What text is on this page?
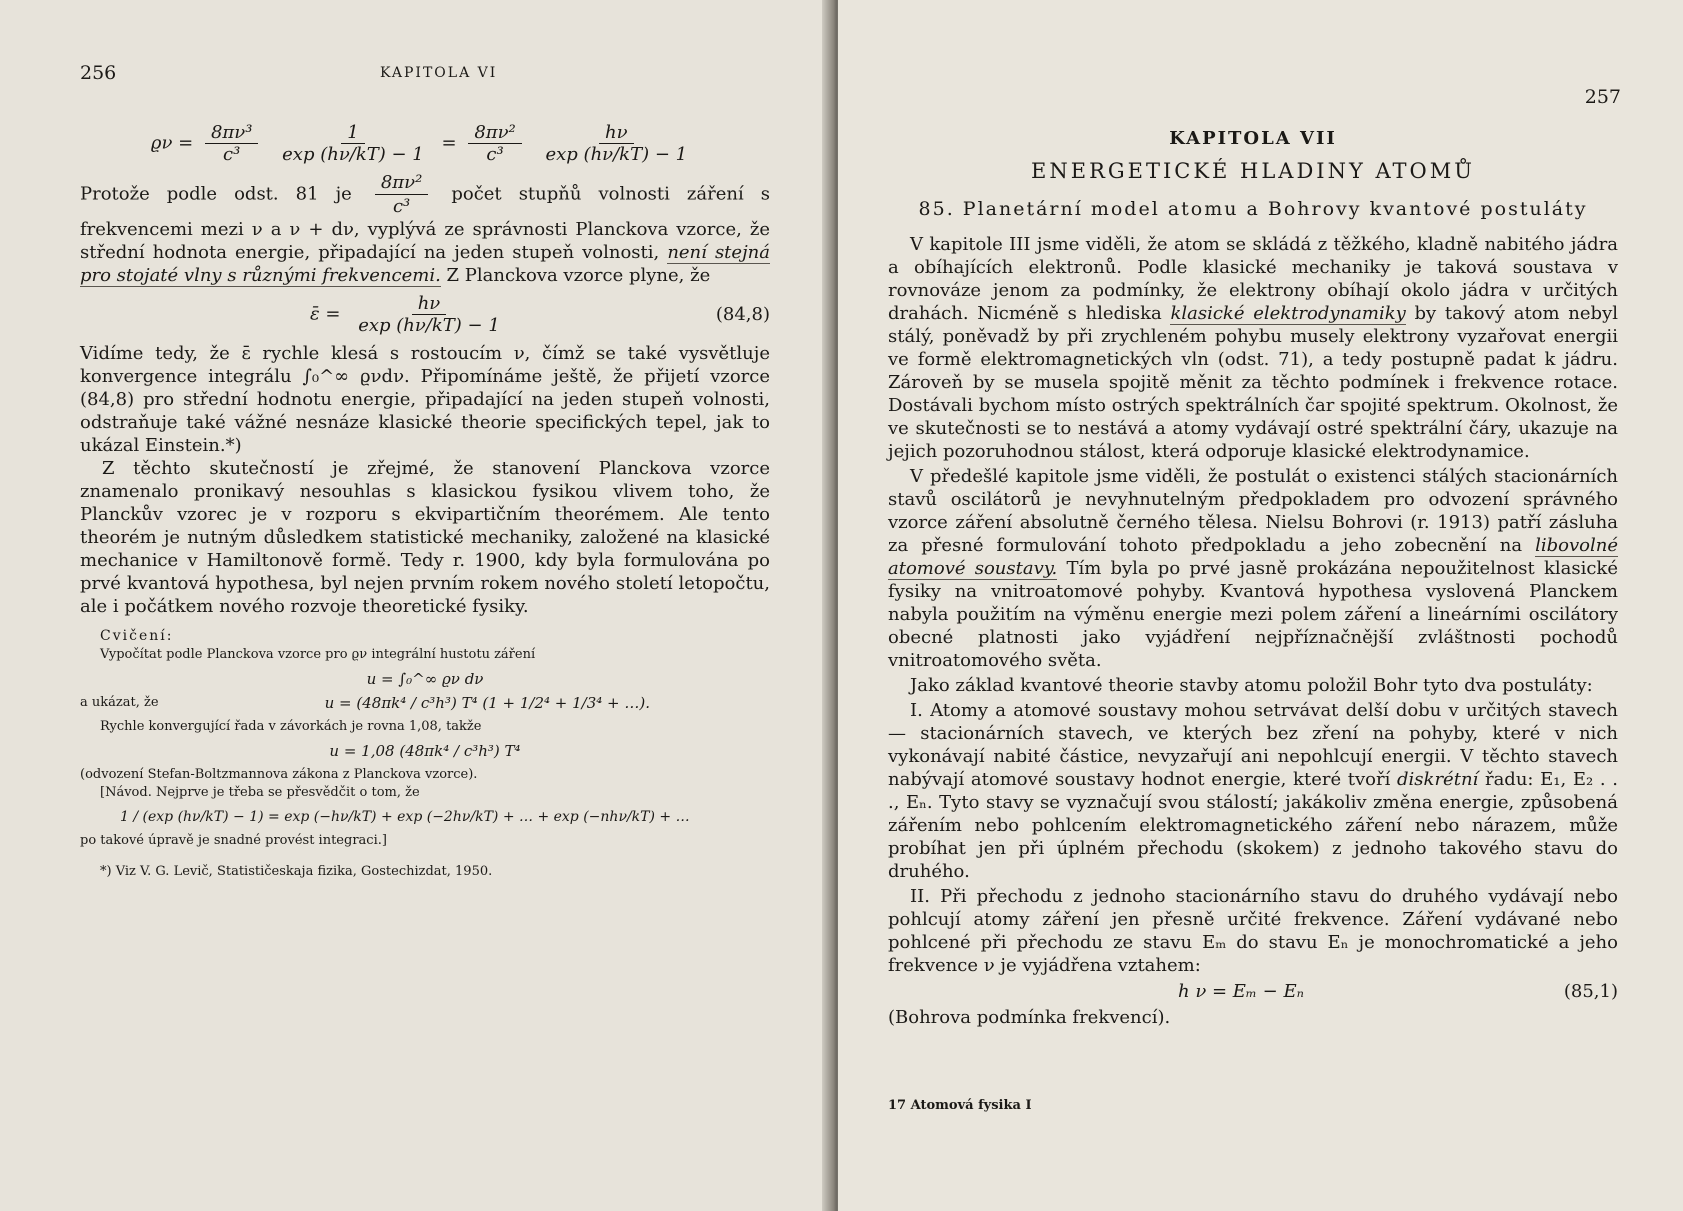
256	KAPITOLA VI
$ϱ\nu = \frac{\text{8πν³}}{\text{c³}}$
$\frac{1}{\exp (h\nu/kT) - 1} = \frac{\text{8πν²}}{\text{c³}}$
$\frac{h\nu}{\exp (h\nu/kT) - 1}$

Protože podle odst. 81 je $\frac{\text{8πν²}}{\text{c³}}$ počet stupňů volnosti záření s frekvencemi mezi ν a ν + dν, vyplývá ze správnosti Planckova vzorce, že střední hodnota energie, připadající na jeden stupeň volnosti, není stejná pro stojaté vlny s různými frekvencemi. Z Planckova vzorce plyne, že

ε̄ = $\frac{h\nu}{\exp (h\nu/kT) - 1}$	(84,8)

Vidíme tedy, že ε̄ rychle klesá s rostoucím ν, čímž se také vysvětluje konvergence integrálu ∫₀^∞ ϱνdν. Připomínáme ještě, že přijetí vzorce (84,8) pro střední hodnotu energie, připadající na jeden stupeň volnosti, odstraňuje také vážné nesnáze klasické theorie specifických tepel, jak to ukázal Einstein.*)

Z těchto skutečností je zřejmé, že stanovení Planckova vzorce znamenalo pronikavý nesouhlas s klasickou fysikou vlivem toho, že Planckův vzorec je v rozporu s ekvipartičním theorémem. Ale tento theorém je nutným důsledkem statistické mechaniky, založené na klasické mechanice v Hamiltonově formě. Tedy r. 1900, kdy byla formulována po prvé kvantová hypothesa, byl nejen prvním rokem nového století letopočtu, ale i počátkem nového rozvoje theoretické fysiky.

Cvičení:
Vypočítat podle Planckova vzorce pro ϱν integrální hustotu záření
u = ∫₀^∞ ϱν dν
a ukázat, že	u = (48πk⁴ / c³h³) T⁴ (1 + 1/2⁴ + 1/3⁴ + …).
Rychle konvergující řada v závorkách je rovna 1,08, takže
u = 1,08 (48πk⁴ / c³h³) T⁴
(odvození Stefan-Boltzmannova zákona z Planckova vzorce).
[Návod. Nejprve je třeba se přesvědčit o tom, že
1 / (exp (hν/kT) − 1) = exp (−hν/kT) + exp (−2hν/kT) + … + exp (−nhν/kT) + …
po takové úpravě je snadné provést integraci.]
*) Viz V. G. Levič, Statističeskaja fizika, Gostechizdat, 1950.
257
KAPITOLA VII
ENERGETICKÉ HLADINY ATOMŮ
85. Planetární model atomu a Bohrovy kvantové postuláty

V kapitole III jsme viděli, že atom se skládá z těžkého, kladně nabitého jádra a obíhajících elektronů. Podle klasické mechaniky je taková soustava v rovnováze jenom za podmínky, že elektrony obíhají okolo jádra v určitých drahách. Nicméně s hlediska klasické elektrodynamiky by takový atom nebyl stálý, poněvadž by při zrychleném pohybu musely elektrony vyzařovat energii ve formě elektromagnetických vln (odst. 71), a tedy postupně padat k jádru. Zároveň by se musela spojitě měnit za těchto podmínek i frekvence rotace. Dostávali bychom místo ostrých spektrálních čar spojité spektrum. Okolnost, že ve skutečnosti se to nestává a atomy vydávají ostré spektrální čáry, ukazuje na jejich pozoruhodnou stálost, která odporuje klasické elektrodynamice.

V předešlé kapitole jsme viděli, že postulát o existenci stálých stacionárních stavů oscilátorů je nevyhnutelným předpokladem pro odvození správného vzorce záření absolutně černého tělesa. Nielsu Bohrovi (r. 1913) patří zásluha za přesné formulování tohoto předpokladu a jeho zobecnění na libovolné atomové soustavy. Tím byla po prvé jasně prokázána nepoužitelnost klasické fysiky na vnitroatomové pohyby. Kvantová hypothesa vyslovená Planckem nabyla použitím na výměnu energie mezi polem záření a lineárními oscilátory obecné platnosti jako vyjádření nejpříznačnější zvláštnosti pochodů vnitroatomového světa.

Jako základ kvantové theorie stavby atomu položil Bohr tyto dva postuláty:

I. Atomy a atomové soustavy mohou setrvávat delší dobu v určitých stavech — stacionárních stavech, ve kterých bez zření na pohyby, které v nich vykonávají nabité částice, nevyzařují ani nepohlcují energii. V těchto stavech nabývají atomové soustavy hodnot energie, které tvoří diskrétní řadu: E₁, E₂ . . ., Eₙ. Tyto stavy se vyznačují svou stálostí; jakákoliv změna energie, způsobená zářením nebo pohlcením elektromagnetického záření nebo nárazem, může probíhat jen při úplném přechodu (skokem) z jednoho takového stavu do druhého.

II. Při přechodu z jednoho stacionárního stavu do druhého vydávají nebo pohlcují atomy záření jen přesně určité frekvence. Záření vydávané nebo pohlcené při přechodu ze stavu Eₘ do stavu Eₙ je monochromatické a jeho frekvence ν je vyjádřena vztahem:

h ν = Eₘ − Eₙ	(85,1)

(Bohrova podmínka frekvencí).

17 Atomová fysika I
